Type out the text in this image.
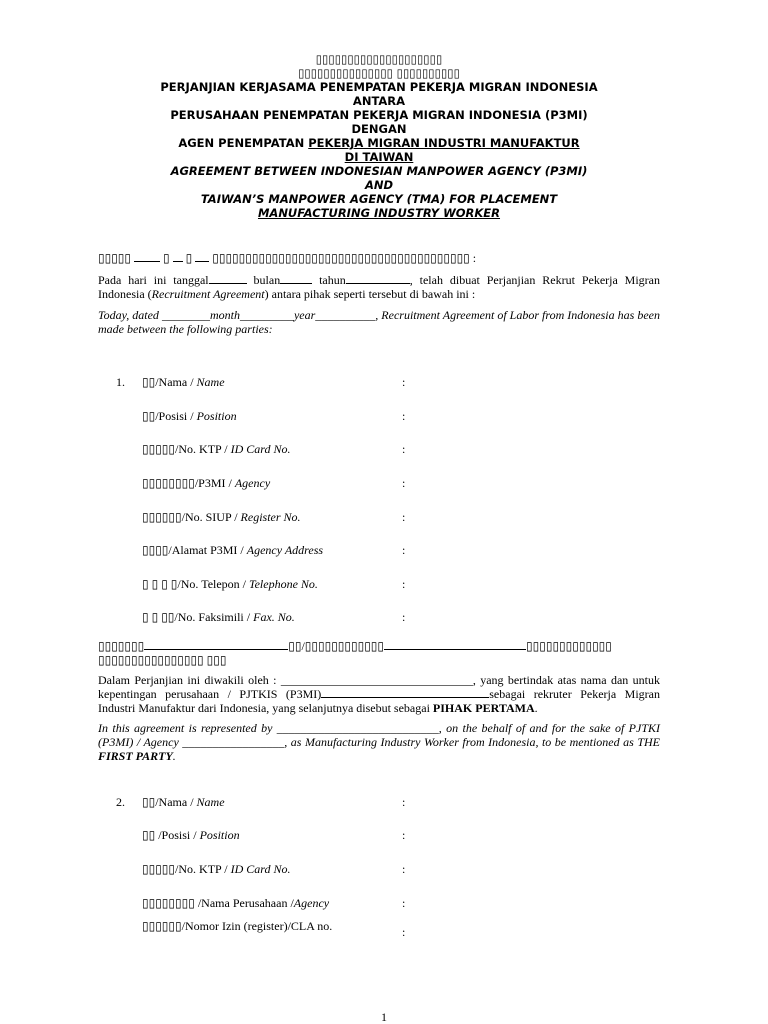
▯▯▯▯▯▯▯▯▯▯▯▯▯▯▯▯▯▯▯▯
▯▯▯▯▯▯▯▯▯▯▯▯▯▯▯ ▯▯▯▯▯▯▯▯▯▯
PERJANJIAN KERJASAMA PENEMPATAN PEKERJA MIGRAN INDONESIA
ANTARA
PERUSAHAAN PENEMPATAN PEKERJA MIGRAN INDONESIA (P3MI)
DENGAN
AGEN PENEMPATAN PEKERJA MIGRAN INDUSTRI MANUFAKTUR
DI TAIWAN
AGREEMENT BETWEEN INDONESIAN MANPOWER AGENCY (P3MI)
AND
TAIWAN’S MANPOWER AGENCY (TMA) FOR PLACEMENT
MANUFACTURING INDUSTRY WORKER
▯▯▯▯▯	▯ ▯ ▯▯▯▯▯▯▯▯▯▯▯▯▯▯▯▯▯▯▯▯▯▯▯▯▯▯▯▯▯▯▯▯▯▯▯▯▯▯▯ :
Pada hari ini tanggal	bulan	tahun	, telah dibuat Perjanjian Rekrut Pekerja Migran Indonesia (Recruitment Agreement) antara pihak seperti tersebut di bawah ini :
Today, dated ________month_________year__________, Recruitment Agreement of Labor from Indonesia has been made between the following parties:
1. ▯▯/Nama / Name	:
▯▯/Posisi / Position	:
▯▯▯▯▯/No. KTP / ID Card No.	:
▯▯▯▯▯▯▯▯/P3MI / Agency	:
▯▯▯▯▯▯/No. SIUP / Register No.	:
▯▯▯▯/Alamat P3MI / Agency Address	:
▯ ▯ ▯ ▯/No. Telepon / Telephone No.	:
▯ ▯ ▯▯/No. Faksimili / Fax. No.	:
▯▯▯▯▯▯▯	▯▯/▯▯▯▯▯▯▯▯▯▯▯▯	▯▯▯▯▯▯▯▯▯▯▯▯▯
▯▯▯▯▯▯▯▯▯▯▯▯▯▯▯▯ ▯▯▯
Dalam Perjanjian ini diwakili oleh : ________________________________, yang bertindak atas nama dan untuk kepentingan perusahaan / PJTKIS (P3MI)	sebagai rekruter Pekerja Migran Industri Manufaktur dari Indonesia, yang selanjutnya disebut sebagai PIHAK PERTAMA.
In this agreement is represented by ___________________________, on the behalf of and for the sake of PJTKI (P3MI) / Agency _________________, as Manufacturing Industry Worker from Indonesia, to be mentioned as THE FIRST PARTY.
2. ▯▯/Nama / Name	:
▯▯ /Posisi / Position	:
▯▯▯▯▯/No. KTP / ID Card No.	:
▯▯▯▯▯▯▯▯ /Nama Perusahaan /Agency	:
▯▯▯▯▯▯/Nomor Izin (register)/CLA no.	:
1
